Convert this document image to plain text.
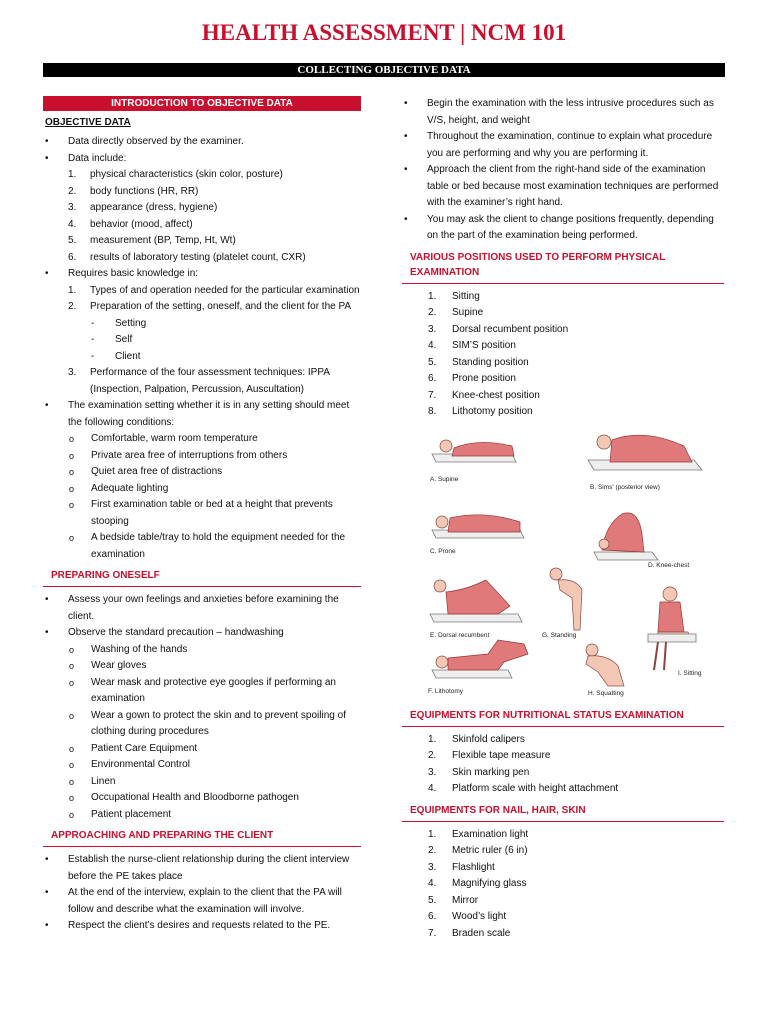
HEALTH ASSESSMENT | NCM 101
COLLECTING OBJECTIVE DATA
INTRODUCTION TO OBJECTIVE DATA
OBJECTIVE DATA
• Data directly observed by the examiner.
• Data include:
1. physical characteristics (skin color, posture)
2. body functions (HR, RR)
3. appearance (dress, hygiene)
4. behavior (mood, affect)
5. measurement (BP, Temp, Ht, Wt)
6. results of laboratory testing (platelet count, CXR)
• Requires basic knowledge in:
1. Types of and operation needed for the particular examination
2. Preparation of the setting, oneself, and the client for the PA
- Setting
- Self
- Client
3. Performance of the four assessment techniques: IPPA (Inspection, Palpation, Percussion, Auscultation)
• The examination setting whether it is in any setting should meet the following conditions:
o Comfortable, warm room temperature
o Private area free of interruptions from others
o Quiet area free of distractions
o Adequate lighting
o First examination table or bed at a height that prevents stooping
o A bedside table/tray to hold the equipment needed for the examination
PREPARING ONESELF
• Assess your own feelings and anxieties before examining the client.
• Observe the standard precaution – handwashing
o Washing of the hands
o Wear gloves
o Wear mask and protective eye googles if performing an examination
o Wear a gown to protect the skin and to prevent spoiling of clothing during procedures
o Patient Care Equipment
o Environmental Control
o Linen
o Occupational Health and Bloodborne pathogen
o Patient placement
APPROACHING AND PREPARING THE CLIENT
• Establish the nurse-client relationship during the client interview before the PE takes place
• At the end of the interview, explain to the client that the PA will follow and describe what the examination will involve.
• Respect the client’s desires and requests related to the PE.
• Begin the examination with the less intrusive procedures such as V/S, height, and weight
• Throughout the examination, continue to explain what procedure you are performing and why you are performing it.
• Approach the client from the right-hand side of the examination table or bed because most examination techniques are performed with the examiner’s right hand.
• You may ask the client to change positions frequently, depending on the part of the examination being performed.
VARIOUS POSITIONS USED TO PERFORM PHYSICAL EXAMINATION
1. Sitting
2. Supine
3. Dorsal recumbent position
4. SIM’S position
5. Standing position
6. Prone position
7. Knee-chest position
8. Lithotomy position
A. Supine
B. Sims' (posterior view)
C. Prone
D. Knee-chest
E. Dorsal recumbent	G. Standing
I. Sitting
F. Lithotomy	H. Squatting
EQUIPMENTS FOR NUTRITIONAL STATUS EXAMINATION
1. Skinfold calipers
2. Flexible tape measure
3. Skin marking pen
4. Platform scale with height attachment
EQUIPMENTS FOR NAIL, HAIR, SKIN
1. Examination light
2. Metric ruler (6 in)
3. Flashlight
4. Magnifying glass
5. Mirror
6. Wood’s light
7. Braden scale
